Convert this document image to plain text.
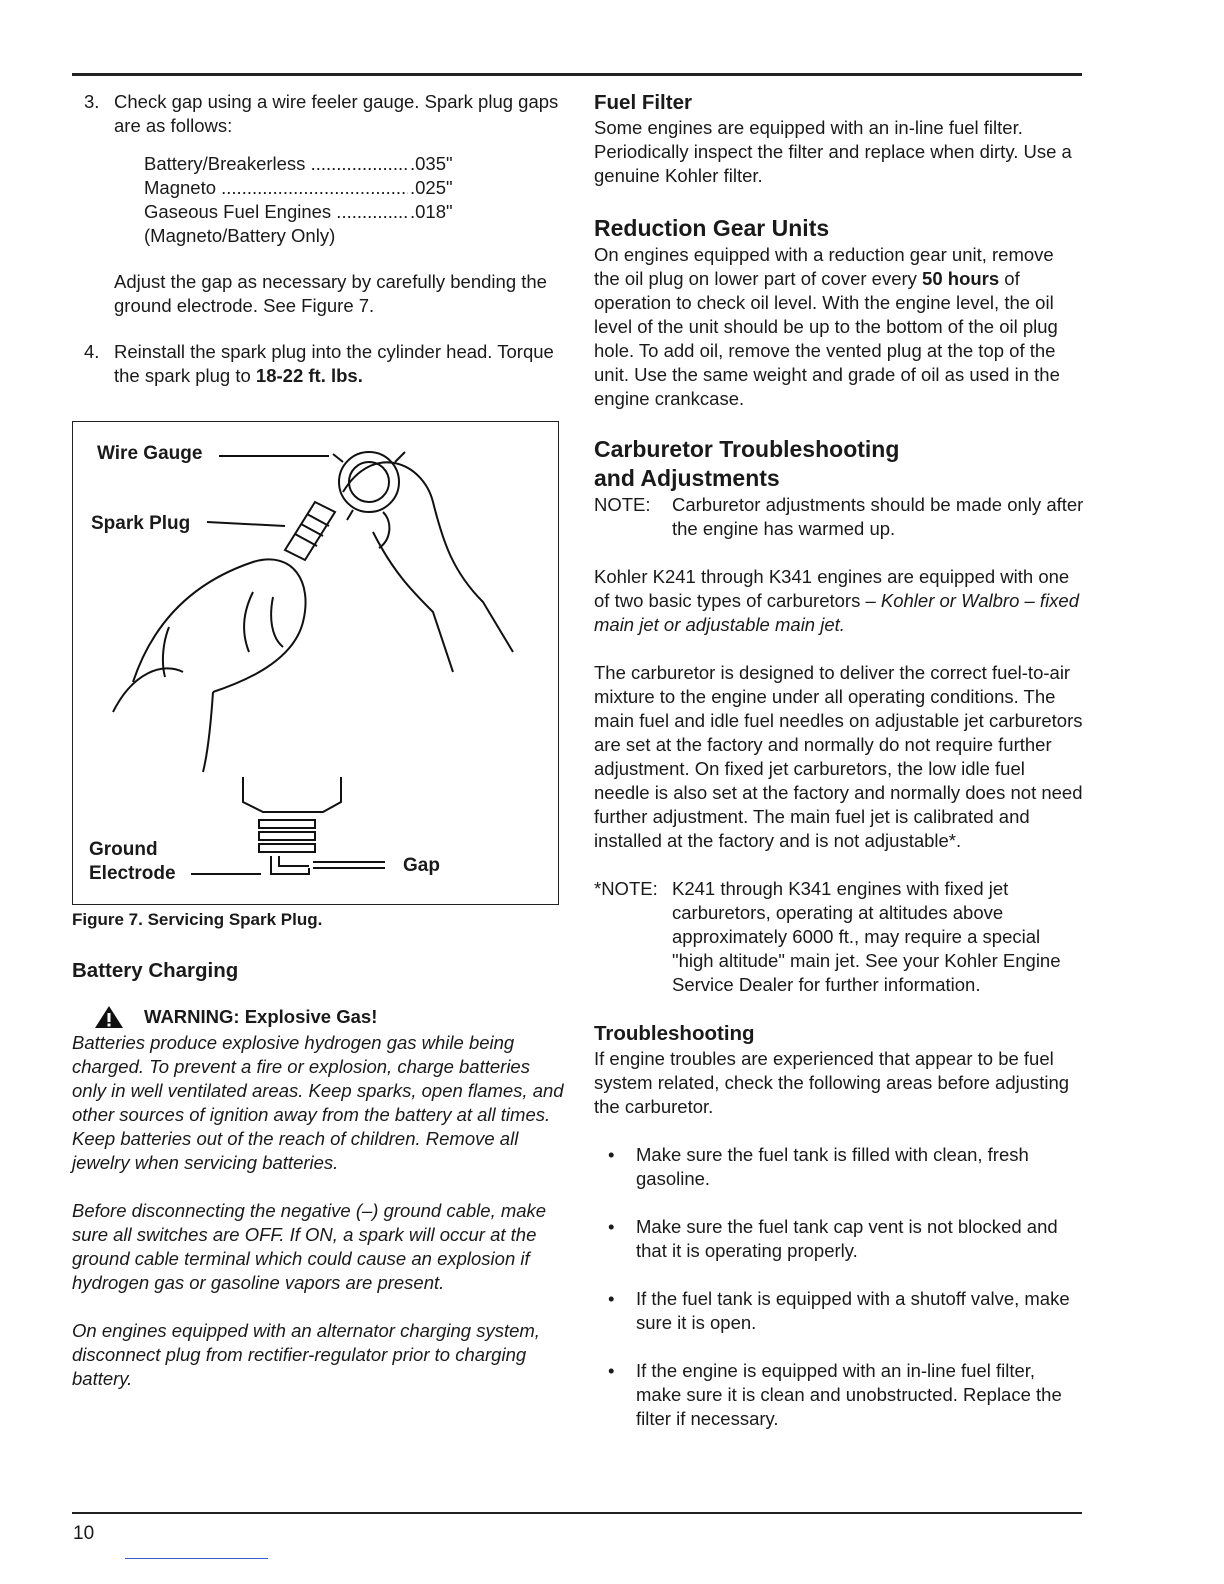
3. Check gap using a wire feeler gauge. Spark plug gaps are as follows:

Battery/Breakerless .....	.035"
Magneto .....	.025"
Gaseous Fuel Engines .....	.018"
(Magneto/Battery Only)

Adjust the gap as necessary by carefully bending the ground electrode. See Figure 7.

4. Reinstall the spark plug into the cylinder head. Torque the spark plug to 18-22 ft. lbs.

Wire Gauge
Spark Plug
Ground
Electrode	Gap
Figure 7. Servicing Spark Plug.
Battery Charging
WARNING: Explosive Gas!

Batteries produce explosive hydrogen gas while being charged. To prevent a fire or explosion, charge batteries only in well ventilated areas. Keep sparks, open flames, and other sources of ignition away from the battery at all times. Keep batteries out of the reach of children. Remove all jewelry when servicing batteries.

Before disconnecting the negative (–) ground cable, make sure all switches are OFF. If ON, a spark will occur at the ground cable terminal which could cause an explosion if hydrogen gas or gasoline vapors are present.

On engines equipped with an alternator charging system, disconnect plug from rectifier-regulator prior to charging battery.

Fuel Filter

Some engines are equipped with an in-line fuel filter. Periodically inspect the filter and replace when dirty. Use a genuine Kohler filter.

Reduction Gear Units

On engines equipped with a reduction gear unit, remove the oil plug on lower part of cover every 50 hours of operation to check oil level. With the engine level, the oil level of the unit should be up to the bottom of the oil plug hole. To add oil, remove the vented plug at the top of the unit. Use the same weight and grade of oil as used in the engine crankcase.

Carburetor Troubleshooting
and Adjustments
NOTE: Carburetor adjustments should be made only after the engine has warmed up.

Kohler K241 through K341 engines are equipped with one of two basic types of carburetors – Kohler or Walbro – fixed main jet or adjustable main jet.

The carburetor is designed to deliver the correct fuel-to-air mixture to the engine under all operating conditions. The main fuel and idle fuel needles on adjustable jet carburetors are set at the factory and normally do not require further adjustment. On fixed jet carburetors, the low idle fuel needle is also set at the factory and normally does not need further adjustment. The main fuel jet is calibrated and installed at the factory and is not adjustable*.

*NOTE: K241 through K341 engines with fixed jet carburetors, operating at altitudes above approximately 6000 ft., may require a special "high altitude" main jet. See your Kohler Engine Service Dealer for further information.
Troubleshooting

If engine troubles are experienced that appear to be fuel system related, check the following areas before adjusting the carburetor.

• Make sure the fuel tank is filled with clean, fresh gasoline.
• Make sure the fuel tank cap vent is not blocked and that it is operating properly.
• If the fuel tank is equipped with a shutoff valve, make sure it is open.
• If the engine is equipped with an in-line fuel filter, make sure it is clean and unobstructed. Replace the filter if necessary.
10
